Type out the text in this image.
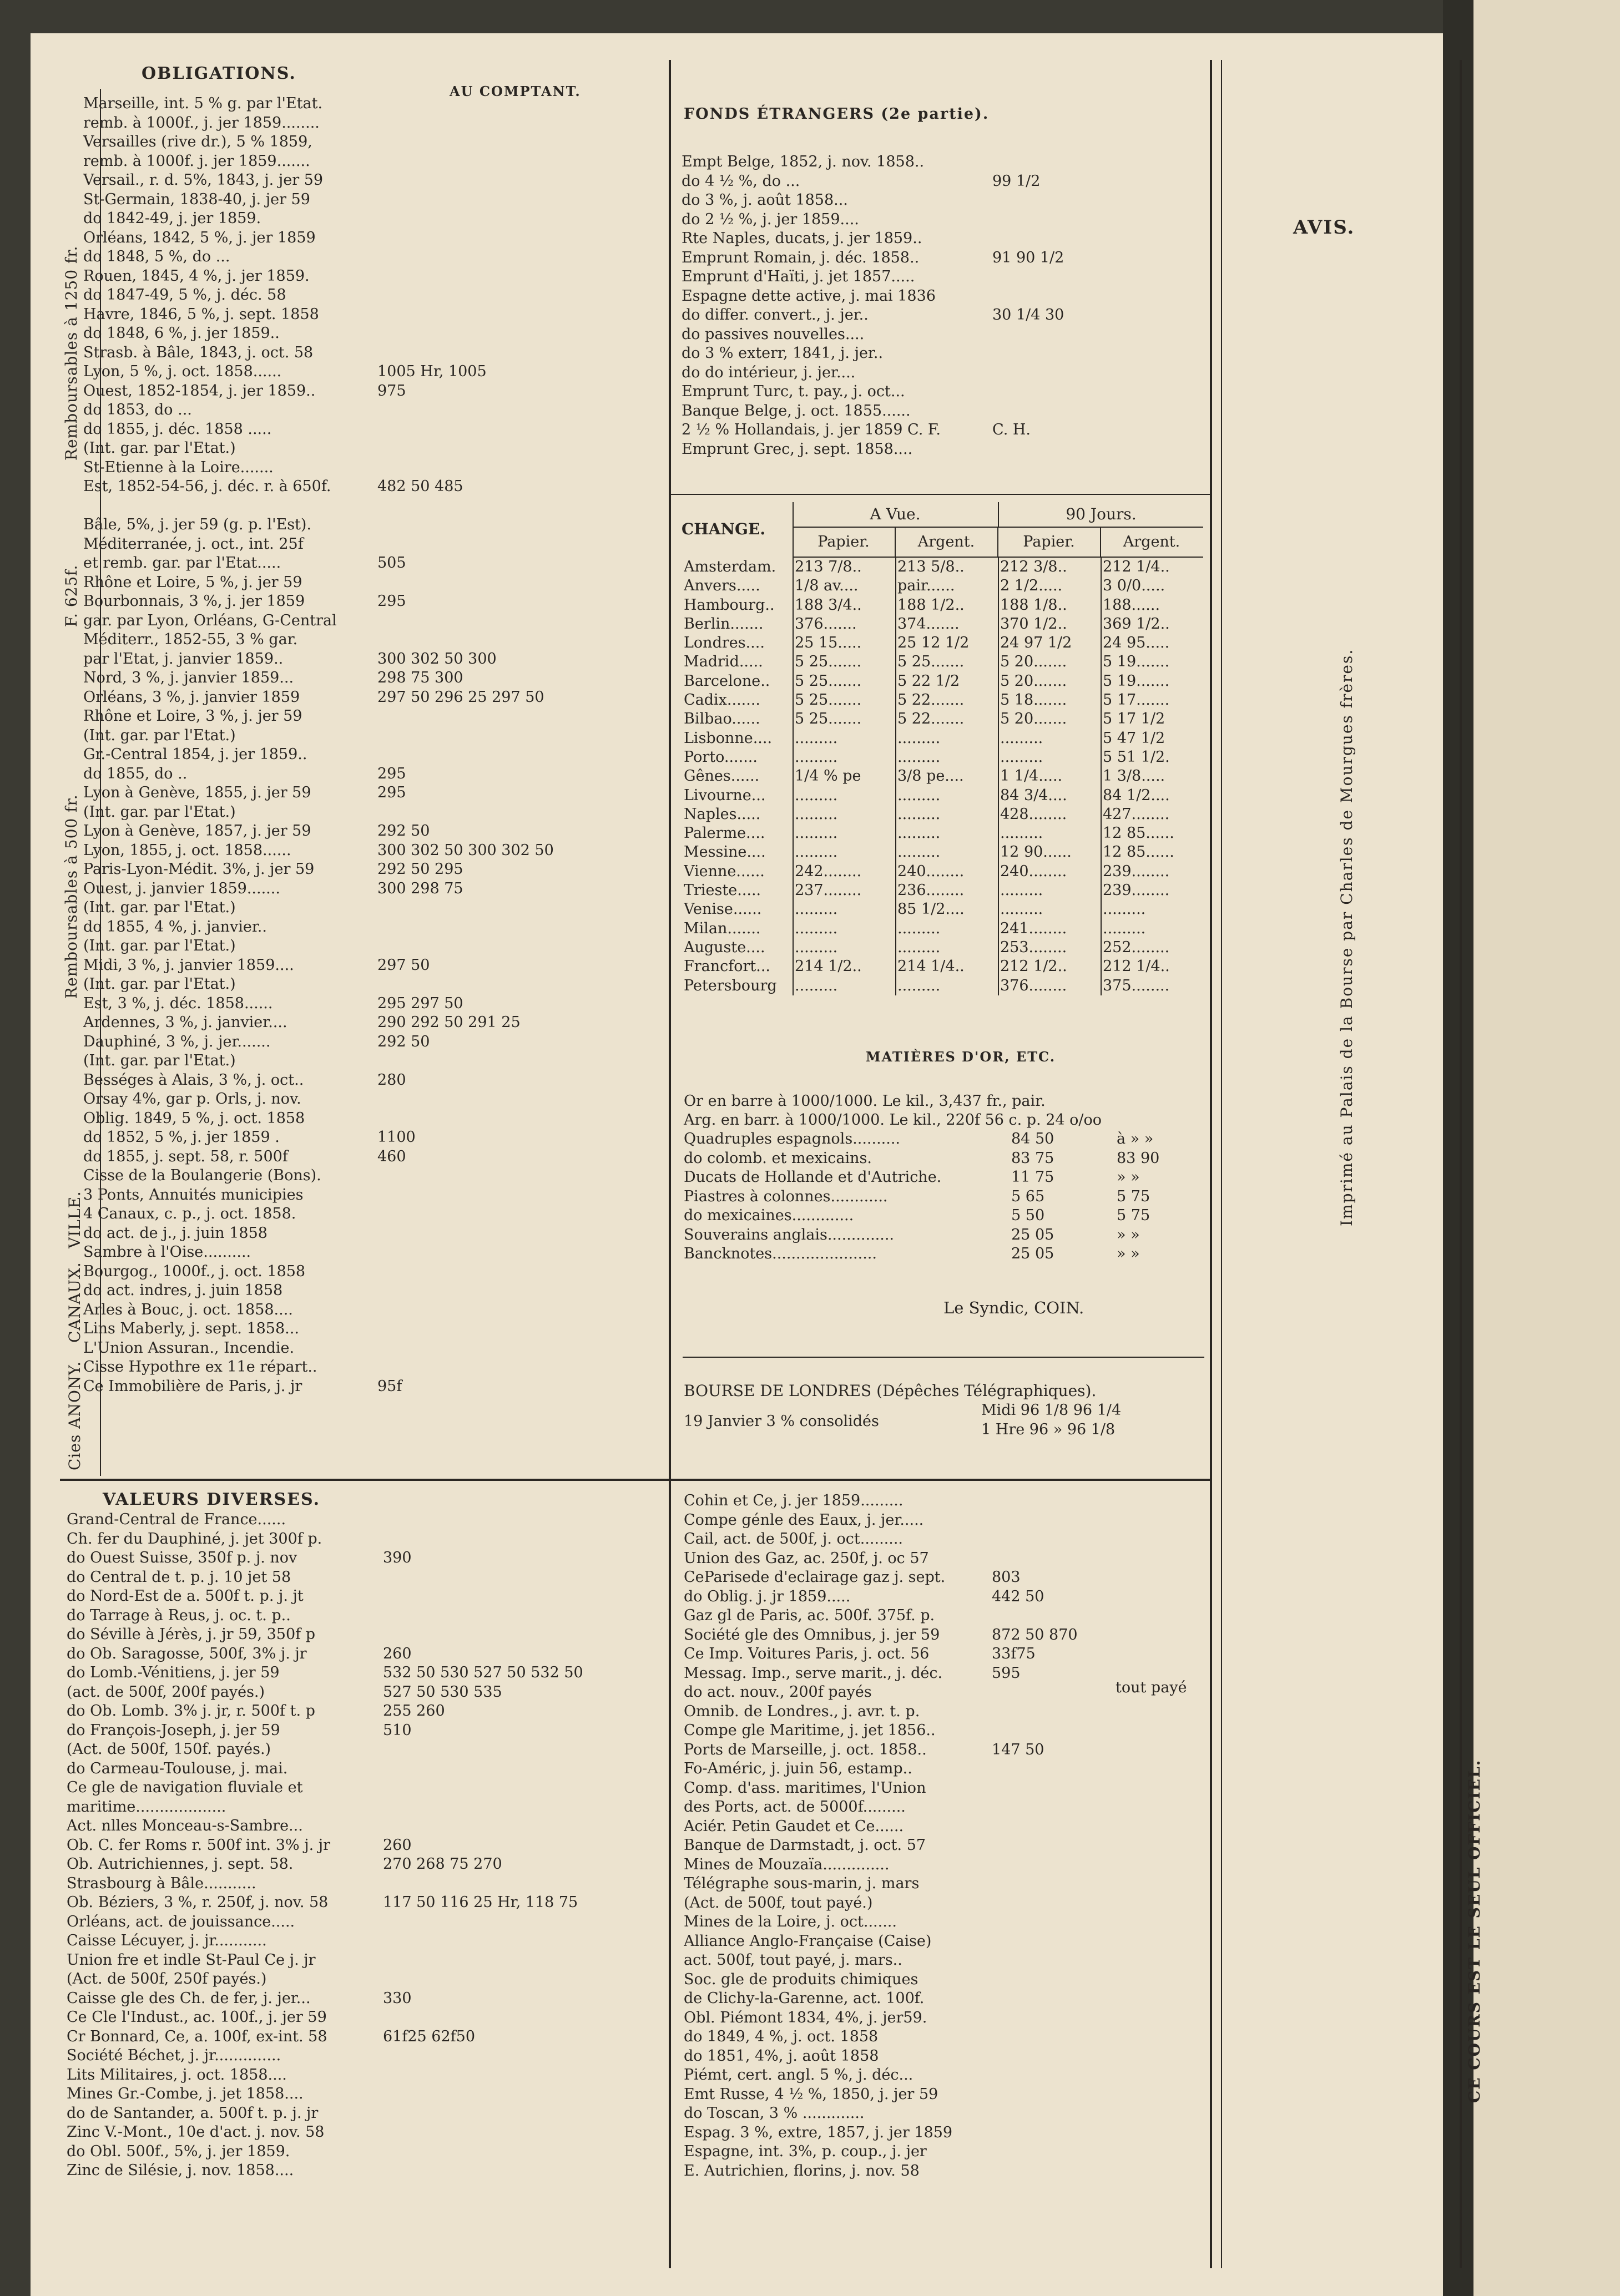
OBLIGATIONS.
AU COMPTANT.
Remboursables à 1250 fr.
F. 625f.
Remboursables à 500 fr.
VILLE.
CANAUX.
Cies ANONY.
Marseille, int. 5 % g. par l'Etat.
remb. à 1000f., j. jer 1859........
Versailles (rive dr.), 5 % 1859,
remb. à 1000f. j. jer 1859.......
Versail., r. d. 5%, 1843, j. jer 59
St-Germain, 1838-40, j. jer 59
do 1842-49, j. jer 1859.
Orléans, 1842, 5 %, j. jer 1859
do 1848, 5 %, do ...
Rouen, 1845, 4 %, j. jer 1859.
do 1847-49, 5 %, j. déc. 58
Havre, 1846, 5 %, j. sept. 1858
do 1848, 6 %, j. jer 1859..
Strasb. à Bâle, 1843, j. oct. 58
Lyon, 5 %, j. oct. 1858......	1005 Hr, 1005
Ouest, 1852-1854, j. jer 1859..	975
do 1853, do ...
do 1855, j. déc. 1858 .....
(Int. gar. par l'Etat.)
St-Etienne à la Loire.......
Est, 1852-54-56, j. déc. r. à 650f.	482 50 485
Bâle, 5%, j. jer 59 (g. p. l'Est).
Méditerranée, j. oct., int. 25f
et remb. gar. par l'Etat.....	505
Rhône et Loire, 5 %, j. jer 59
Bourbonnais, 3 %, j. jer 1859	295
gar. par Lyon, Orléans, G-Central
Méditerr., 1852-55, 3 % gar.
par l'Etat, j. janvier 1859..	300 302 50 300
Nord, 3 %, j. janvier 1859...	298 75 300
Orléans, 3 %, j. janvier 1859	297 50 296 25 297 50
Rhône et Loire, 3 %, j. jer 59
(Int. gar. par l'Etat.)
Gr.-Central 1854, j. jer 1859..
do 1855, do ..	295
Lyon à Genève, 1855, j. jer 59	295
(Int. gar. par l'Etat.)
Lyon à Genève, 1857, j. jer 59	292 50
Lyon, 1855, j. oct. 1858......	300 302 50 300 302 50
Paris-Lyon-Médit. 3%, j. jer 59	292 50 295
Ouest, j. janvier 1859.......	300 298 75
(Int. gar. par l'Etat.)
do 1855, 4 %, j. janvier..
(Int. gar. par l'Etat.)
Midi, 3 %, j. janvier 1859....	297 50
(Int. gar. par l'Etat.)
Est, 3 %, j. déc. 1858......	295 297 50
Ardennes, 3 %, j. janvier....	290 292 50 291 25
Dauphiné, 3 %, j. jer.......	292 50
(Int. gar. par l'Etat.)
Bességes à Alais, 3 %, j. oct..	280
Orsay 4%, gar p. Orls, j. nov.
Oblig. 1849, 5 %, j. oct. 1858
do 1852, 5 %, j. jer 1859 .	1100
do 1855, j. sept. 58, r. 500f	460
Cisse de la Boulangerie (Bons).
3 Ponts, Annuités municipies
4 Canaux, c. p., j. oct. 1858.
do act. de j., j. juin 1858
Sambre à l'Oise..........
Bourgog., 1000f., j. oct. 1858
do act. indres, j. juin 1858
Arles à Bouc, j. oct. 1858....
Lins Maberly, j. sept. 1858...
L'Union Assuran., Incendie.
Cisse Hypothre ex 11e répart..
Ce Immobilière de Paris, j. jr	95f
VALEURS DIVERSES.
Grand-Central de France......
Ch. fer du Dauphiné, j. jet 300f p.
do Ouest Suisse, 350f p. j. nov	390
do Central de t. p. j. 10 jet 58
do Nord-Est de a. 500f t. p. j. jt
do Tarrage à Reus, j. oc. t. p..
do Séville à Jérès, j. jr 59, 350f p
do Ob. Saragosse, 500f, 3% j. jr	260
do Lomb.-Vénitiens, j. jer 59	532 50 530 527 50 532 50
(act. de 500f, 200f payés.)	527 50 530 535
do Ob. Lomb. 3% j. jr, r. 500f t. p	255 260
do François-Joseph, j. jer 59	510
(Act. de 500f, 150f. payés.)
do Carmeau-Toulouse, j. mai.
Ce gle de navigation fluviale et
maritime...................
Act. nlles Monceau-s-Sambre...
Ob. C. fer Roms r. 500f int. 3% j. jr	260
Ob. Autrichiennes, j. sept. 58.	270 268 75 270
Strasbourg à Bâle...........
Ob. Béziers, 3 %, r. 250f, j. nov. 58	117 50 116 25 Hr, 118 75
Orléans, act. de jouissance.....
Caisse Lécuyer, j. jr...........
Union fre et indle St-Paul Ce j. jr
(Act. de 500f, 250f payés.)
Caisse gle des Ch. de fer, j. jer...	330
Ce Cle l'Indust., ac. 100f., j. jer 59
Cr Bonnard, Ce, a. 100f, ex-int. 58	61f25 62f50
Société Béchet, j. jr..............
Lits Militaires, j. oct. 1858....
Mines Gr.-Combe, j. jet 1858....
do de Santander, a. 500f t. p. j. jr
Zinc V.-Mont., 10e d'act. j. nov. 58
do Obl. 500f., 5%, j. jer 1859.
Zinc de Silésie, j. nov. 1858....
FONDS ÉTRANGERS (2e partie).
Empt Belge, 1852, j. nov. 1858..
do 4 ½ %, do ...	99 1/2
do 3 %, j. août 1858...
do 2 ½ %, j. jer 1859....
Rte Naples, ducats, j. jer 1859..
Emprunt Romain, j. déc. 1858..	91 90 1/2
Emprunt d'Haïti, j. jet 1857.....
Espagne dette active, j. mai 1836
do differ. convert., j. jer..	30 1/4 30
do passives nouvelles....
do 3 % exterr, 1841, j. jer..
do do intérieur, j. jer....
Emprunt Turc, t. pay., j. oct...
Banque Belge, j. oct. 1855......
2 ½ % Hollandais, j. jer 1859 C. F.	C. H.
Emprunt Grec, j. sept. 1858....
CHANGE.
A Vue.	90 Jours.
Papier.	Argent.	Papier.	Argent.
Amsterdam.	213 7/8..	213 5/8..	212 3/8..	212 1/4..
Anvers.....	1/8 av....	pair......	2 1/2.....	3 0/0.....
Hambourg..	188 3/4..	188 1/2..	188 1/8..	188......
Berlin.......	376.......	374.......	370 1/2..	369 1/2..
Londres....	25 15.....	25 12 1/2	24 97 1/2	24 95.....
Madrid.....	5 25.......	5 25.......	5 20.......	5 19.......
Barcelone..	5 25.......	5 22 1/2	5 20.......	5 19.......
Cadix.......	5 25.......	5 22.......	5 18.......	5 17.......
Bilbao......	5 25.......	5 22.......	5 20.......	5 17 1/2
Lisbonne....	.........	.........	.........	5 47 1/2
Porto.......	.........	.........	.........	5 51 1/2.
Gênes......	1/4 % pe	3/8 pe....	1 1/4.....	1 3/8.....
Livourne...	.........	.........	84 3/4....	84 1/2....
Naples.....	.........	.........	428........	427........
Palerme....	.........	.........	.........	12 85......
Messine....	.........	.........	12 90......	12 85......
Vienne......	242........	240........	240........	239........
Trieste.....	237........	236........	.........	239........
Venise......	.........	85 1/2....	.........	.........
Milan.......	.........	.........	241........	.........
Auguste....	.........	.........	253........	252........
Francfort...	214 1/2..	214 1/4..	212 1/2..	212 1/4..
Petersbourg	.........	.........	376........	375........
MATIÈRES D'OR, ETC.
Or en barre à 1000/1000. Le kil., 3,437 fr., pair.
Arg. en barr. à 1000/1000. Le kil., 220f 56 c. p. 24 o/oo
Quadruples espagnols..........	84 50	à » »
do colomb. et mexicains.	83 75	83 90
Ducats de Hollande et d'Autriche.	11 75	» »
Piastres à colonnes............	5 65	5 75
do mexicaines.............	5 50	5 75
Souverains anglais..............	25 05	» »
Bancknotes......................	25 05	» »
Le Syndic, COIN.
BOURSE DE LONDRES (Dépêches Télégraphiques).
19 Janvier 3 % consolidés
Midi 96 1/8 96 1/4
1 Hre 96 » 96 1/8
Cohin et Ce, j. jer 1859.........
Compe génle des Eaux, j. jer.....
Cail, act. de 500f, j. oct.........
Union des Gaz, ac. 250f, j. oc 57
CeParisede d'eclairage gaz j. sept.	803
do Oblig. j. jr 1859.....	442 50
Gaz gl de Paris, ac. 500f. 375f. p.
Société gle des Omnibus, j. jer 59	872 50 870
Ce Imp. Voitures Paris, j. oct. 56	33f75
Messag. Imp., serve marit., j. déc.	595
do act. nouv., 200f payés
Omnib. de Londres., j. avr. t. p.
Compe gle Maritime, j. jet 1856..
Ports de Marseille, j. oct. 1858..	147 50
Fo-Améric, j. juin 56, estamp..
Comp. d'ass. maritimes, l'Union
des Ports, act. de 5000f.........
Aciér. Petin Gaudet et Ce......
Banque de Darmstadt, j. oct. 57
Mines de Mouzaïa..............
Télégraphe sous-marin, j. mars
(Act. de 500f, tout payé.)
Mines de la Loire, j. oct.......
Alliance Anglo-Française (Caise)
act. 500f, tout payé, j. mars..
Soc. gle de produits chimiques
de Clichy-la-Garenne, act. 100f.
Obl. Piémont 1834, 4%, j. jer59.
do 1849, 4 %, j. oct. 1858
do 1851, 4%, j. août 1858
Piémt, cert. angl. 5 %, j. déc...
Emt Russe, 4 ½ %, 1850, j. jer 59
do Toscan, 3 % .............
Espag. 3 %, extre, 1857, j. jer 1859
Espagne, int. 3%, p. coup., j. jer
E. Autrichien, florins, j. nov. 58
tout payé
AVIS.
Imprimé au Palais de la Bourse par Charles de Mourgues frères.
CE COURS EST LE SEUL OFFICIEL.
